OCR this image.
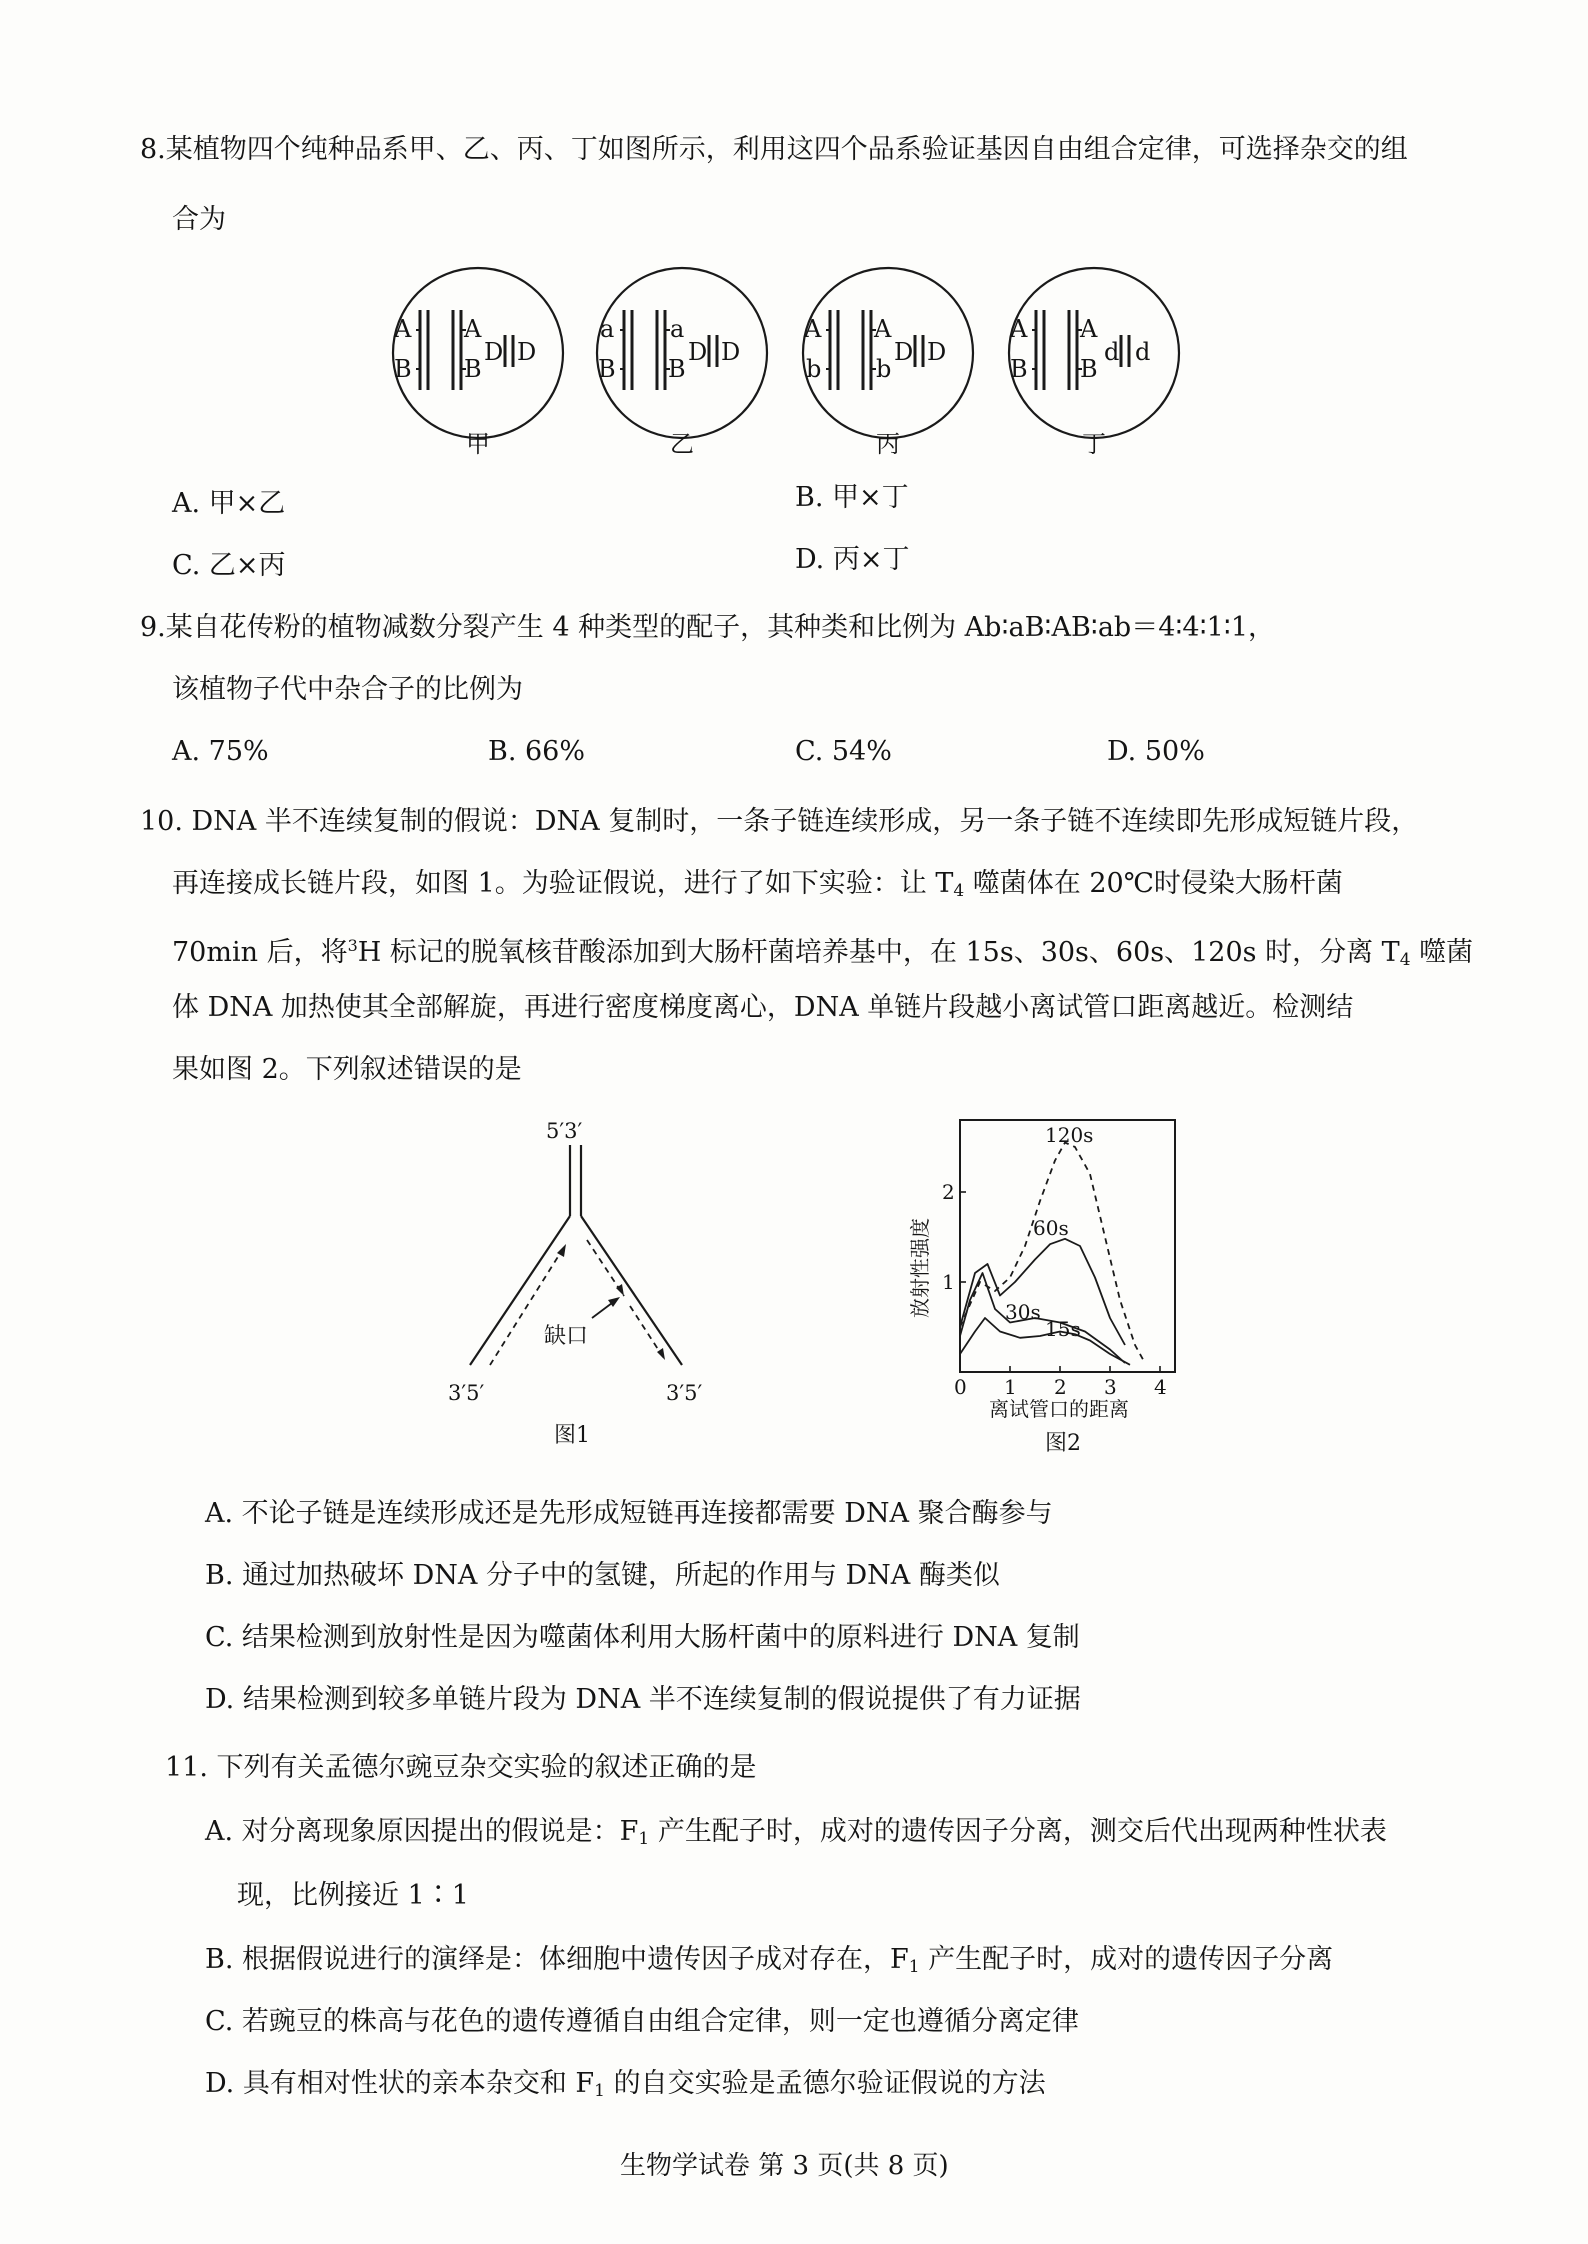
8.某植物四个纯种品系甲、乙、丙、丁如图所示，利用这四个品系验证基因自由组合定律，可选择杂交的组
合为
A
B
A
B
D D
a
B
a
B
D D
A
b
A
b
D D
A
B
A
B
d d
甲	乙	丙	丁
A. 甲×乙	B. 甲×丁
C. 乙×丙	D. 丙×丁
9.某自花传粉的植物减数分裂产生 4 种类型的配子，其种类和比例为 Ab∶aB∶AB∶ab＝4∶4∶1∶1，
该植物子代中杂合子的比例为
A. 75%	B. 66%	C. 54%	D. 50%
10. DNA 半不连续复制的假说：DNA 复制时，一条子链连续形成，另一条子链不连续即先形成短链片段，
再连接成长链片段，如图 1。为验证假说，进行了如下实验：让 $T_4$ 噬菌体在 20℃时侵染大肠杆菌
70min 后，将$^3$H 标记的脱氧核苷酸添加到大肠杆菌培养基中，在 15s、30s、60s、120s 时，分离 $T_4$ 噬菌
体 DNA 加热使其全部解旋，再进行密度梯度离心，DNA 单链片段越小离试管口距离越近。检测结
果如图 2。下列叙述错误的是
5′3′
3′5′	3′5′
缺口
图1
0 1 2 3 4
1
2
120s
60s
30s
15s
放射性强度
离试管口的距离
图2
A. 不论子链是连续形成还是先形成短链再连接都需要 DNA 聚合酶参与
B. 通过加热破坏 DNA 分子中的氢键，所起的作用与 DNA 酶类似
C. 结果检测到放射性是因为噬菌体利用大肠杆菌中的原料进行 DNA 复制
D. 结果检测到较多单链片段为 DNA 半不连续复制的假说提供了有力证据
11. 下列有关孟德尔豌豆杂交实验的叙述正确的是
A. 对分离现象原因提出的假说是：$F_1$ 产生配子时，成对的遗传因子分离，测交后代出现两种性状表
现，比例接近 1∶1
B. 根据假说进行的演绎是：体细胞中遗传因子成对存在，$F_1$ 产生配子时，成对的遗传因子分离
C. 若豌豆的株高与花色的遗传遵循自由组合定律，则一定也遵循分离定律
D. 具有相对性状的亲本杂交和 $F_1$ 的自交实验是孟德尔验证假说的方法
生物学试卷 第 3 页(共 8 页)
